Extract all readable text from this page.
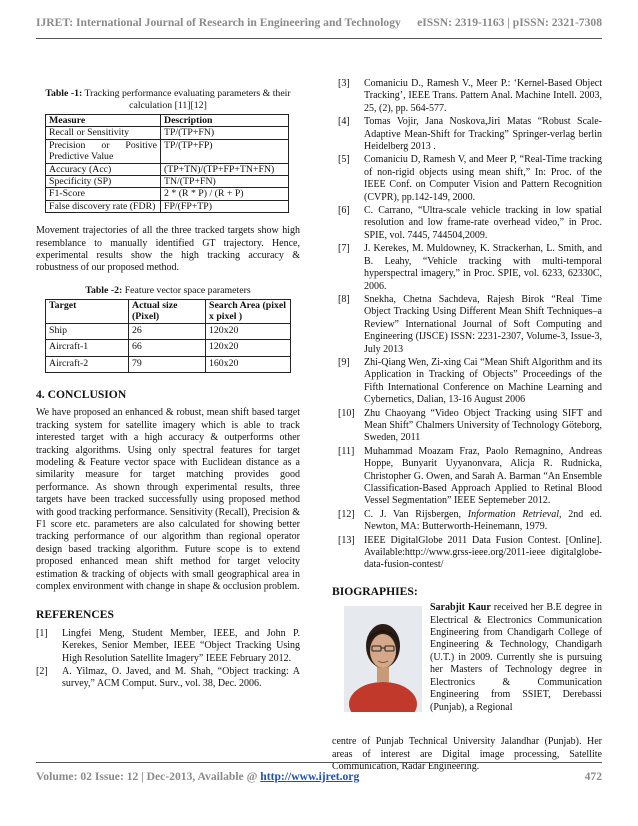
IJRET: International Journal of Research in Engineering and Technology eISSN: 2319-1163 | pISSN: 2321-7308
Table -1: Tracking performance evaluating parameters & their calculation [11][12]
Measure	Description
Recall or Sensitivity	TP/(TP+FN)
Precision or Positive Predictive Value	TP/(TP+FP)
Accuracy (Acc)	(TP+TN)/(TP+FP+TN+FN)
Specificity (SP)	TN/(TP+FN)
F1-Score	2 * (R * P) / (R + P)
False discovery rate (FDR)	FP/(FP+TP)

Movement trajectories of all the three tracked targets show high resemblance to manually identified GT trajectory. Hence, experimental results show the high tracking accuracy & robustness of our proposed method.

Table -2: Feature vector space parameters
Target	Actual size (Pixel)	Search Area (pixel x pixel )
Ship	26	120x20
Aircraft-1	66	120x20
Aircraft-2	79	160x20
4. CONCLUSION

We have proposed an enhanced & robust, mean shift based target tracking system for satellite imagery which is able to track interested target with a high accuracy & outperforms other tracking algorithms. Using only spectral features for target modeling & Feature vector space with Euclidean distance as a similarity measure for target matching provides good performance. As shown through experimental results, three targets have been tracked successfully using proposed method with good tracking performance. Sensitivity (Recall), Precision & F1 score etc. parameters are also calculated for showing better tracking performance of our algorithm than regional operator design based tracking algorithm. Future scope is to extend proposed enhanced mean shift method for target velocity estimation & tracking of objects with small geographical area in complex environment with change in shape & occlusion problem.

REFERENCES
[1]	Lingfei Meng, Student Member, IEEE, and John P. Kerekes, Senior Member, IEEE “Object Tracking Using High Resolution Satellite Imagery” IEEE February 2012.
[2]	A. Yilmaz, O. Javed, and M. Shah, “Object tracking: A survey,” ACM Comput. Surv., vol. 38, Dec. 2006.
[3]	Comaniciu D., Ramesh V., Meer P.: ‘Kernel-Based Object Tracking’, IEEE Trans. Pattern Anal. Machine Intell. 2003, 25, (2), pp. 564-577.
[4]	Tomas Vojir, Jana Noskova,Jiri Matas “Robust Scale-Adaptive Mean-Shift for Tracking” Springer-verlag berlin Heidelberg 2013 .
[5]	Comaniciu D, Ramesh V, and Meer P, “Real-Time tracking of non-rigid objects using mean shift,” In: Proc. of the IEEE Conf. on Computer Vision and Pattern Recognition (CVPR), pp.142-149, 2000.
[6]	C. Carrano, “Ultra-scale vehicle tracking in low spatial resolution and low frame-rate overhead video,” in Proc. SPIE, vol. 7445, 744504,2009.
[7]	J. Kerekes, M. Muldowney, K. Strackerhan, L. Smith, and B. Leahy, “Vehicle tracking with multi-temporal hyperspectral imagery,” in Proc. SPIE, vol. 6233, 62330C, 2006.
[8]	Snekha, Chetna Sachdeva, Rajesh Birok “Real Time Object Tracking Using Different Mean Shift Techniques–a Review” International Journal of Soft Computing and Engineering (IJSCE) ISSN: 2231-2307, Volume-3, Issue-3, July 2013
[9]	Zhi-Qiang Wen, Zi-xing Cai “Mean Shift Algorithm and its Application in Tracking of Objects” Proceedings of the Fifth International Conference on Machine Learning and Cybernetics, Dalian, 13-16 August 2006
[10] Zhu Chaoyang “Video Object Tracking using SIFT and Mean Shift” Chalmers University of Technology Göteborg, Sweden, 2011
[11] Muhammad Moazam Fraz, Paolo Remagnino, Andreas Hoppe, Bunyarit Uyyanonvara, Alicja R. Rudnicka, Christopher G. Owen, and Sarah A. Barman “An Ensemble Classification-Based Approach Applied to Retinal Blood Vessel Segmentation” IEEE Septemeber 2012.
[12] C. J. Van Rijsbergen, Information Retrieval, 2nd ed. Newton, MA: Butterworth-Heinemann, 1979.
[13] IEEE DigitalGlobe 2011 Data Fusion Contest. [Online]. Available:http://www.grss-ieee.org/2011-ieee digitalglobe-data-fusion-contest/
BIOGRAPHIES:
Sarabjit Kaur received her B.E degree in Electrical & Electronics Communication Engineering from Chandigarh College of Engineering & Technology, Chandigarh (U.T.) in 2009. Currently she is pursuing her Masters of Technology degree in Electronics & Communication Engineering from SSIET, Derebassi (Punjab), a Regional
centre of Punjab Technical University Jalandhar (Punjab). Her areas of interest are Digital image processing, Satellite Communication, Radar Engineering.
Volume: 02 Issue: 12 | Dec-2013, Available @ http://www.ijret.org	472
